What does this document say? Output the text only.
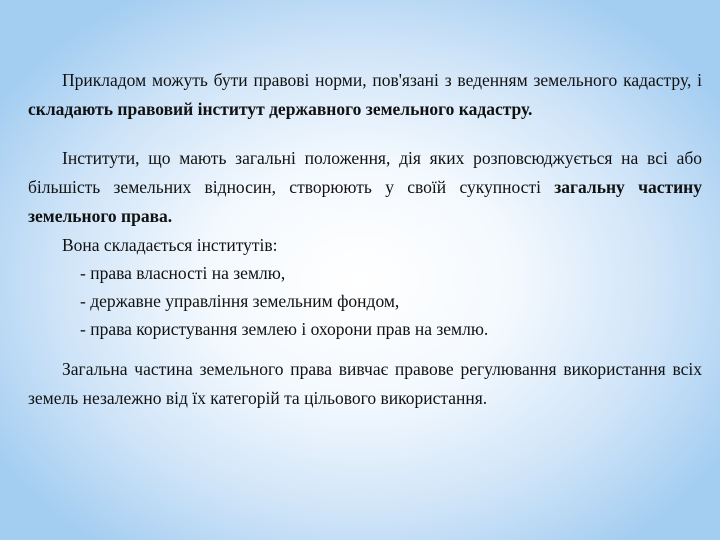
Прикладом можуть бути правові норми, пов'язані з веденням земельного кадастру, і складають правовий інститут державного земельного кадастру.

Інститути, що мають загальні положення, дія яких розповсюджується на всі або більшість земельних відносин, створюють у своїй сукупності загальну частину земельного права.

Вона складається інститутів:

- права власності на землю,

- державне управління земельним фондом,

- права користування землею і охорони прав на землю.

Загальна частина земельного права вивчає правове регулювання використання всіх земель незалежно від їх категорій та цільового використання.
